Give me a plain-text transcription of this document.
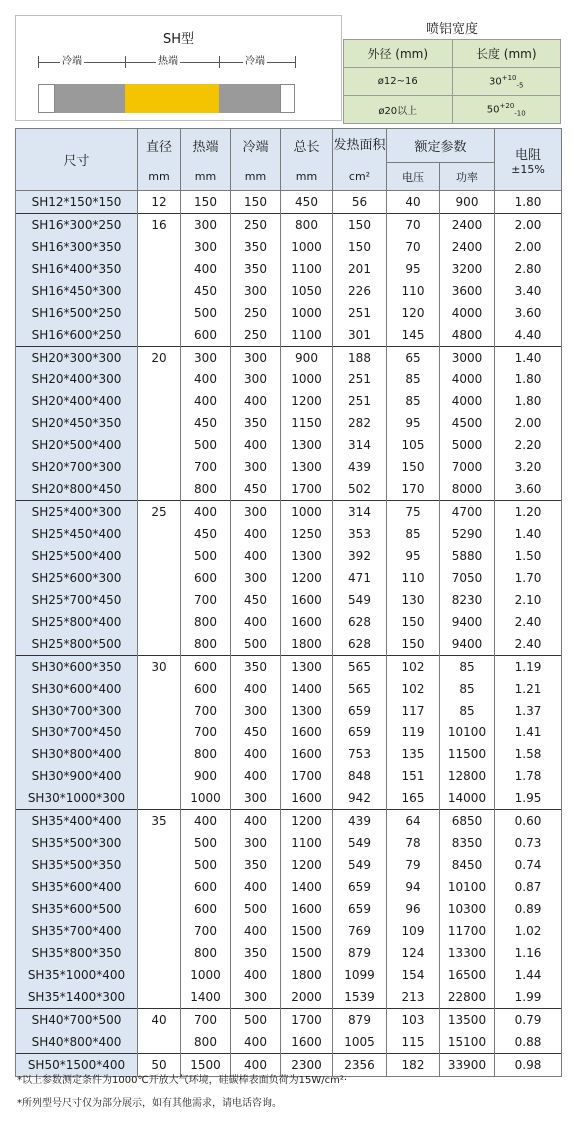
SH型
冷端	热端	冷端
喷铝宽度	
外径 (mm)	长度 (mm)
ø12~16	$30^{+10}_{-5}$
ø20以上	$50^{+20}_{-10}$
尺寸	直径	热端	冷端	总长	发热面积	额定参数		电阻
±15%

	mm	mm	mm	mm	cm²	电压	功率	
SH12*150*150	12	150	150	450	56	40	900	1.80
SH16*300*250	16	300	250	800	150	70	2400	2.00
SH16*300*350		300	350	1000	150	70	2400	2.00
SH16*400*350		400	350	1100	201	95	3200	2.80
SH16*450*300		450	300	1050	226	110	3600	3.40
SH16*500*250		500	250	1000	251	120	4000	3.60
SH16*600*250		600	250	1100	301	145	4800	4.40
SH20*300*300	20	300	300	900	188	65	3000	1.40
SH20*400*300		400	300	1000	251	85	4000	1.80
SH20*400*400		400	400	1200	251	85	4000	1.80
SH20*450*350		450	350	1150	282	95	4500	2.00
SH20*500*400		500	400	1300	314	105	5000	2.20
SH20*700*300		700	300	1300	439	150	7000	3.20
SH20*800*450		800	450	1700	502	170	8000	3.60
SH25*400*300	25	400	300	1000	314	75	4700	1.20
SH25*450*400		450	400	1250	353	85	5290	1.40
SH25*500*400		500	400	1300	392	95	5880	1.50
SH25*600*300		600	300	1200	471	110	7050	1.70
SH25*700*450		700	450	1600	549	130	8230	2.10
SH25*800*400		800	400	1600	628	150	9400	2.40
SH25*800*500		800	500	1800	628	150	9400	2.40
SH30*600*350	30	600	350	1300	565	102	85	1.19
SH30*600*400		600	400	1400	565	102	85	1.21
SH30*700*300		700	300	1300	659	117	85	1.37
SH30*700*450		700	450	1600	659	119	10100	1.41
SH30*800*400		800	400	1600	753	135	11500	1.58
SH30*900*400		900	400	1700	848	151	12800	1.78
SH30*1000*300		1000	300	1600	942	165	14000	1.95
SH35*400*400	35	400	400	1200	439	64	6850	0.60
SH35*500*300		500	300	1100	549	78	8350	0.73
SH35*500*350		500	350	1200	549	79	8450	0.74
SH35*600*400		600	400	1400	659	94	10100	0.87
SH35*600*500		600	500	1600	659	96	10300	0.89
SH35*700*400		700	400	1500	769	109	11700	1.02
SH35*800*350		800	350	1500	879	124	13300	1.16
SH35*1000*400		1000	400	1800	1099	154	16500	1.44
SH35*1400*300		1400	300	2000	1539	213	22800	1.99
SH40*700*500	40	700	500	1700	879	103	13500	0.79
SH40*800*400		800	400	1600	1005	115	15100	0.88
SH50*1500*400	50	1500	400	2300	2356	182	33900	0.98
*以上参数测定条件为1000℃开放大气环境，硅碳棒表面负荷为15W/cm²·
*所列型号尺寸仅为部分展示，如有其他需求，请电话咨询。
